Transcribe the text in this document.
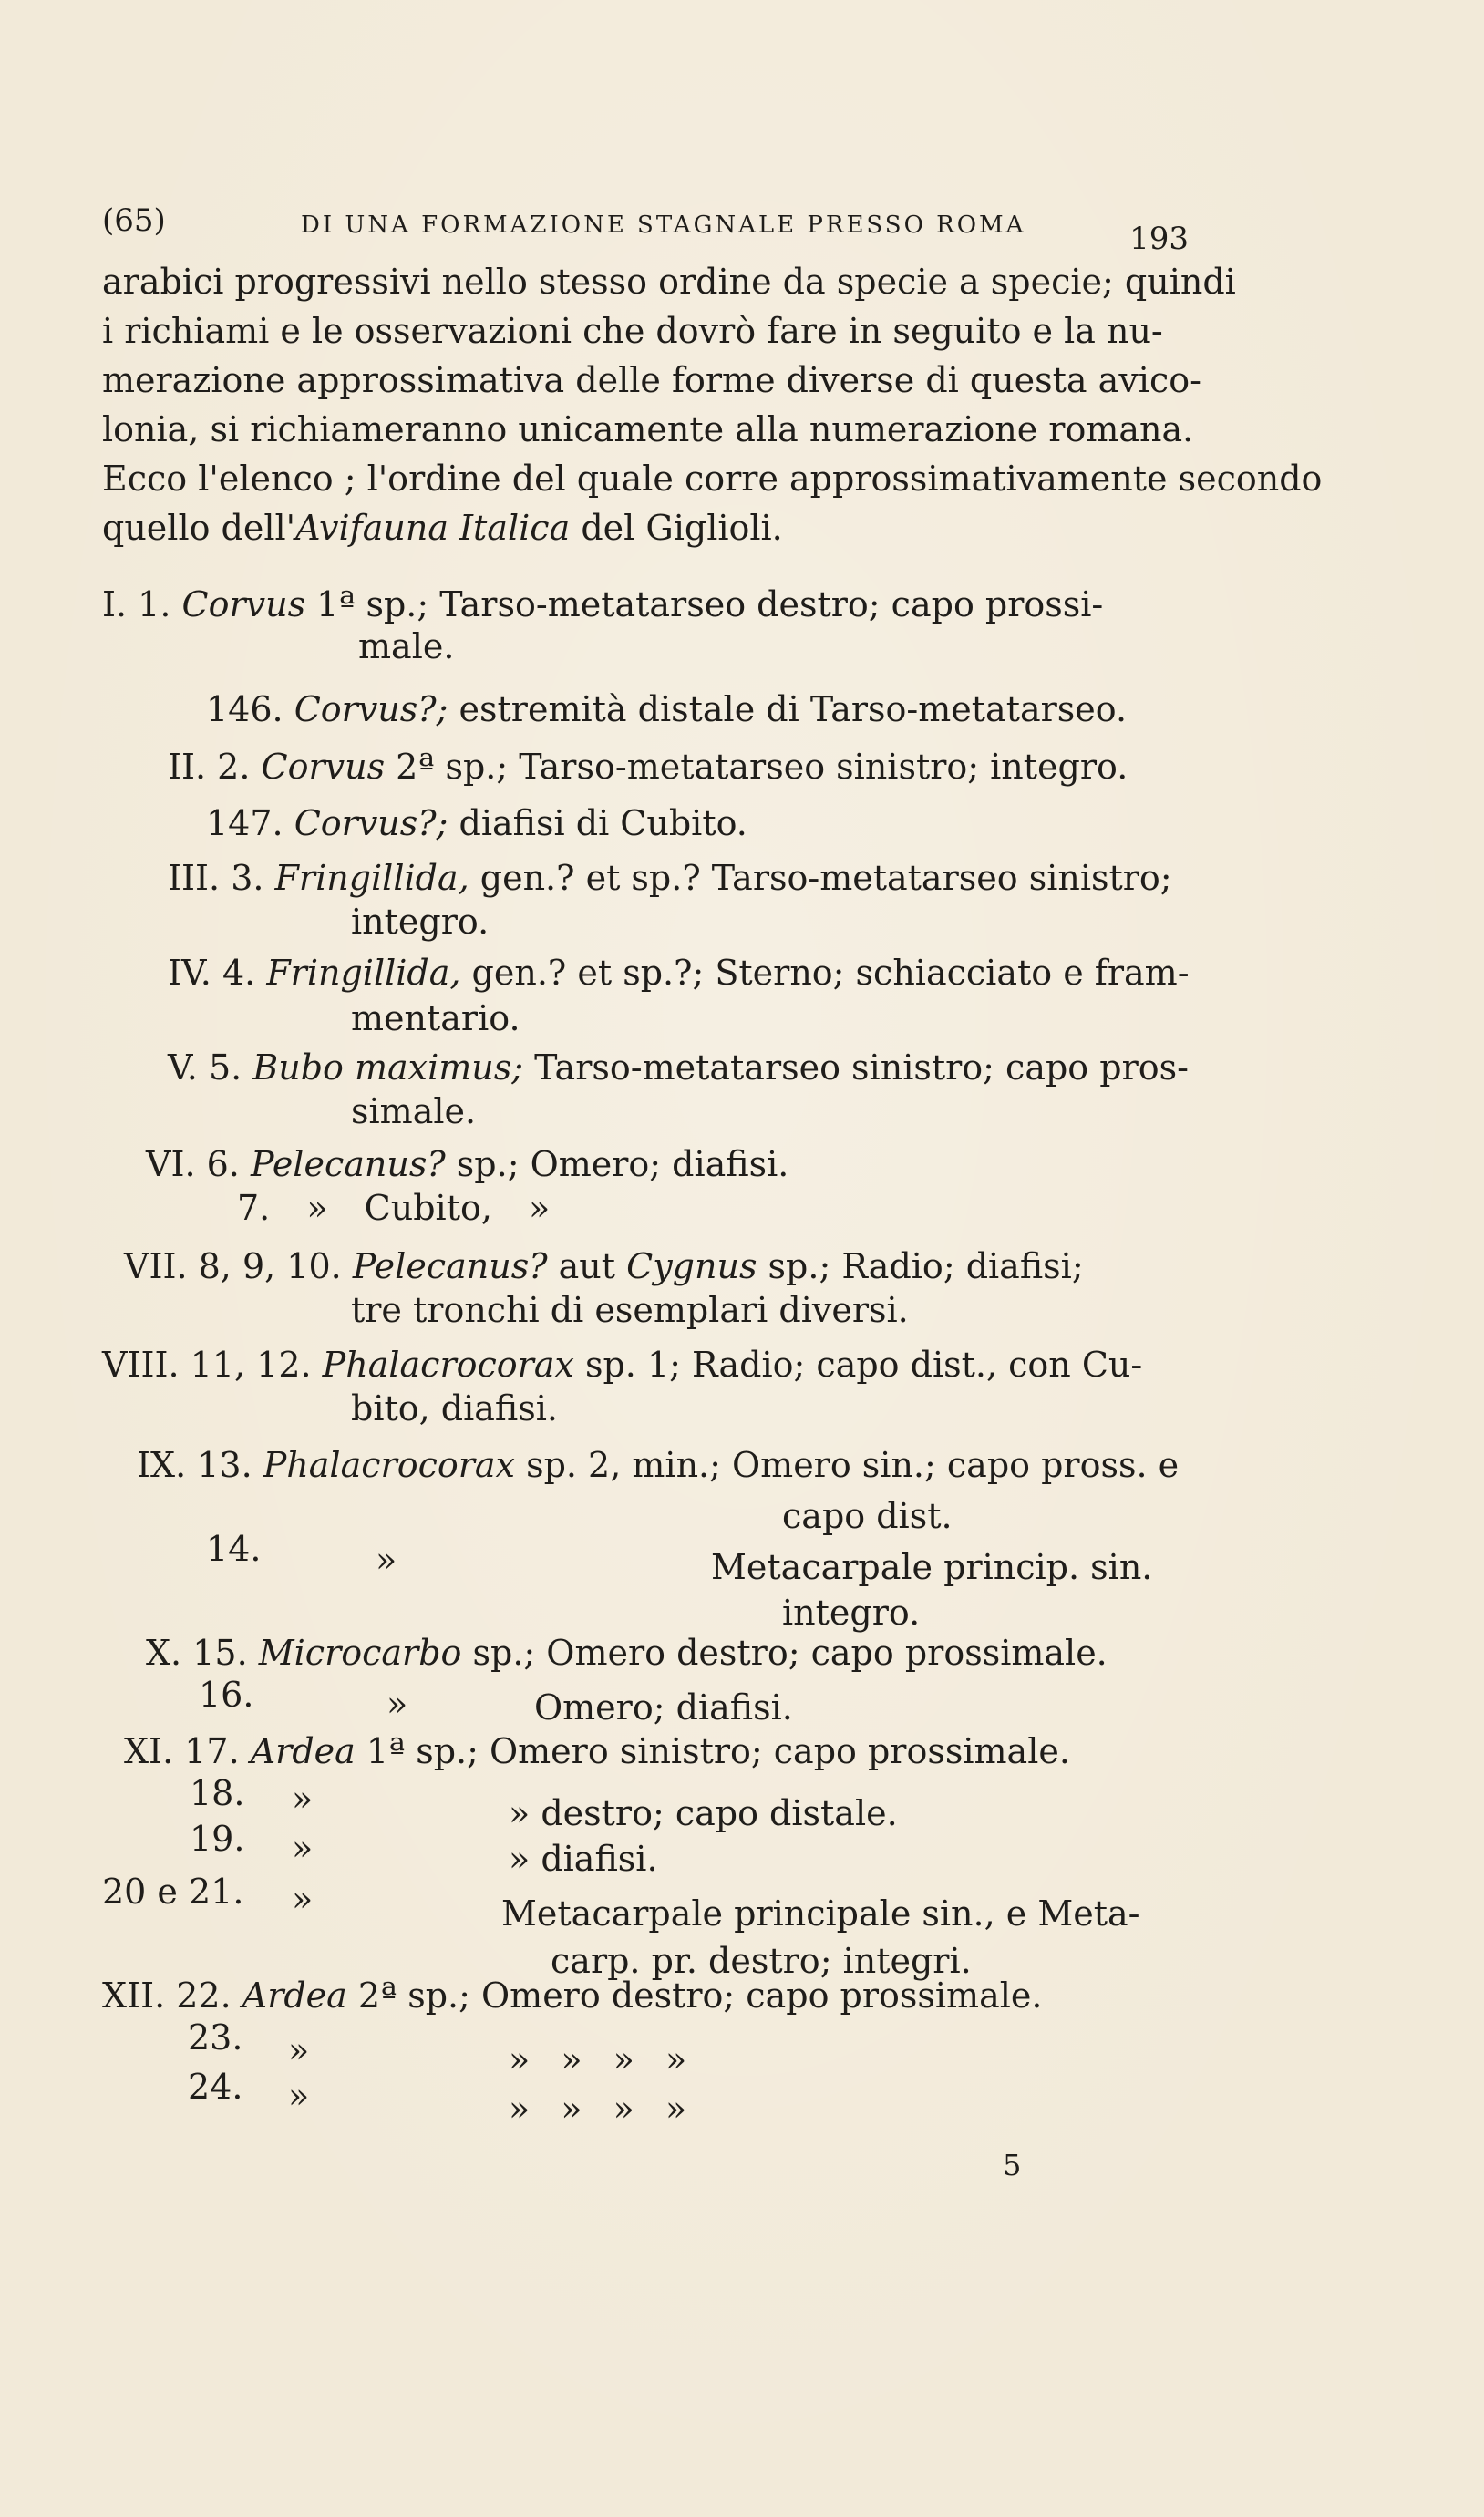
(65)	DI UNA FORMAZIONE STAGNALE PRESSO ROMA	193

arabici progressivi nello stesso ordine da specie a specie; quindi

i richiami e le osservazioni che dovrò fare in seguito e la nu-

merazione approssimativa delle forme diverse di questa avico-

lonia, si richiameranno unicamente alla numerazione romana.

Ecco l'elenco ; l'ordine del quale corre approssimativamente secondo

quello dell'Avifauna Italica del Giglioli.

I. 1. Corvus 1ª sp.; Tarso-metatarseo destro; capo prossi-
male.
146. Corvus?; estremità distale di Tarso-metatarseo.
II. 2. Corvus 2ª sp.; Tarso-metatarseo sinistro; integro.
147. Corvus?; diafisi di Cubito.
III. 3. Fringillida, gen.? et sp.? Tarso-metatarseo sinistro;
integro.
IV. 4. Fringillida, gen.? et sp.?; Sterno; schiacciato e fram-
mentario.
V. 5. Bubo maximus; Tarso-metatarseo sinistro; capo pros-
simale.
VI. 6. Pelecanus? sp.; Omero; diafisi.
7. » Cubito, »
VII. 8, 9, 10. Pelecanus? aut Cygnus sp.; Radio; diafisi;
tre tronchi di esemplari diversi.
VIII. 11, 12. Phalacrocorax sp. 1; Radio; capo dist., con Cu-
bito, diafisi.
IX. 13. Phalacrocorax sp. 2, min.; Omero sin.; capo pross. e
capo dist.
14.	»	Metacarpale princip. sin.
integro.
X. 15. Microcarbo sp.; Omero destro; capo prossimale.
16.	»	Omero; diafisi.
XI. 17. Ardea 1ª sp.; Omero sinistro; capo prossimale.
18. »	» destro; capo distale.
19. »	» diafisi.
20 e 21. »	Metacarpale principale sin., e Meta-
carp. pr. destro; integri.
XII. 22. Ardea 2ª sp.; Omero destro; capo prossimale.
23. »	» » » »
24. »	» » » »
5
